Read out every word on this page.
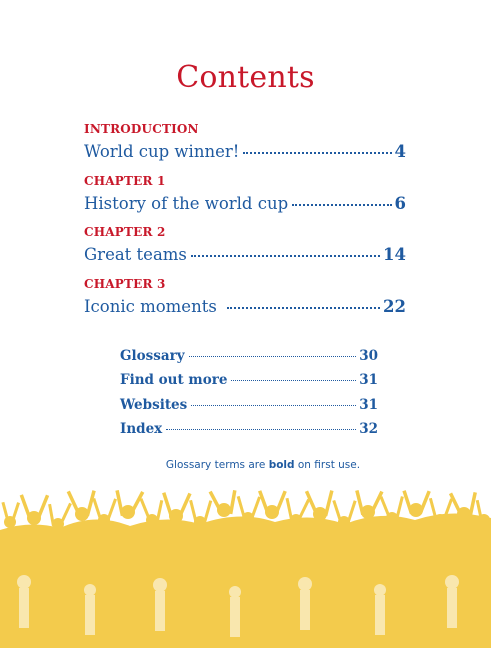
Contents
INTRODUCTION
World cup winner!	4
CHAPTER 1
History of the world cup	6
CHAPTER 2
Great teams	14
CHAPTER 3
Iconic moments	22
Glossary	30
Find out more	31
Websites	31
Index	32
Glossary terms are bold on first use.
